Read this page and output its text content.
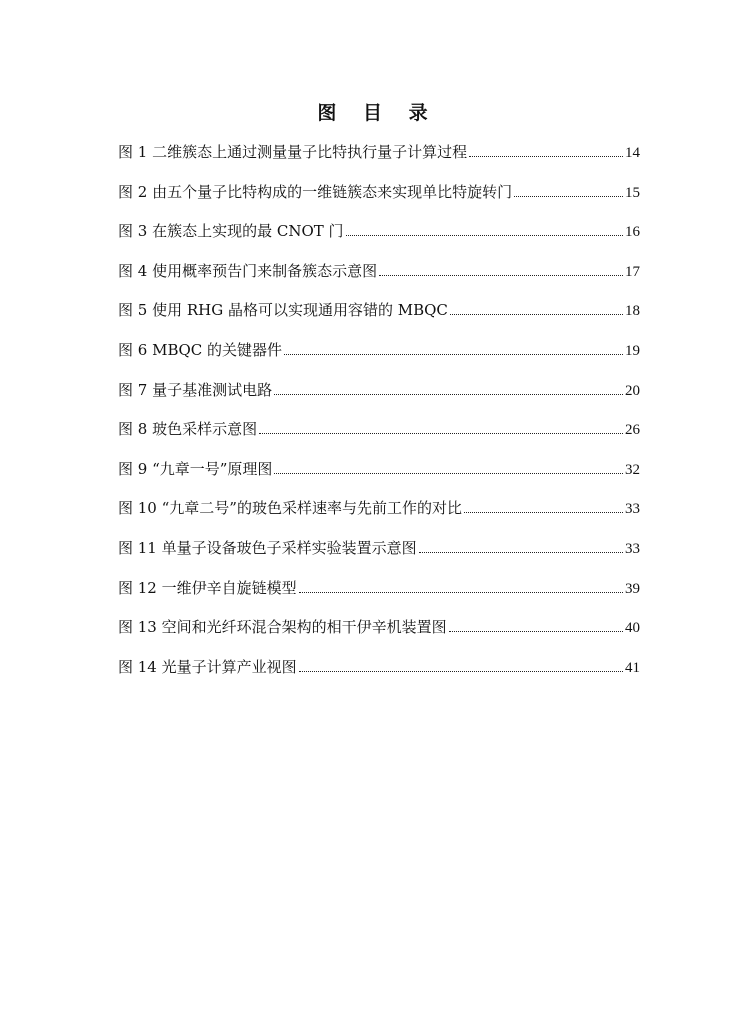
图 目 录
图 1 二维簇态上通过测量量子比特执行量子计算过程	14
图 2 由五个量子比特构成的一维链簇态来实现单比特旋转门	15
图 3 在簇态上实现的最 CNOT 门	16
图 4 使用概率预告门来制备簇态示意图	17
图 5 使用 RHG 晶格可以实现通用容错的 MBQC	18
图 6 MBQC 的关键器件	19
图 7 量子基准测试电路	20
图 8 玻色采样示意图	26
图 9 “九章一号”原理图	32
图 10 “九章二号”的玻色采样速率与先前工作的对比	33
图 11 单量子设备玻色子采样实验装置示意图	33
图 12 一维伊辛自旋链模型	39
图 13 空间和光纤环混合架构的相干伊辛机装置图	40
图 14 光量子计算产业视图	41
